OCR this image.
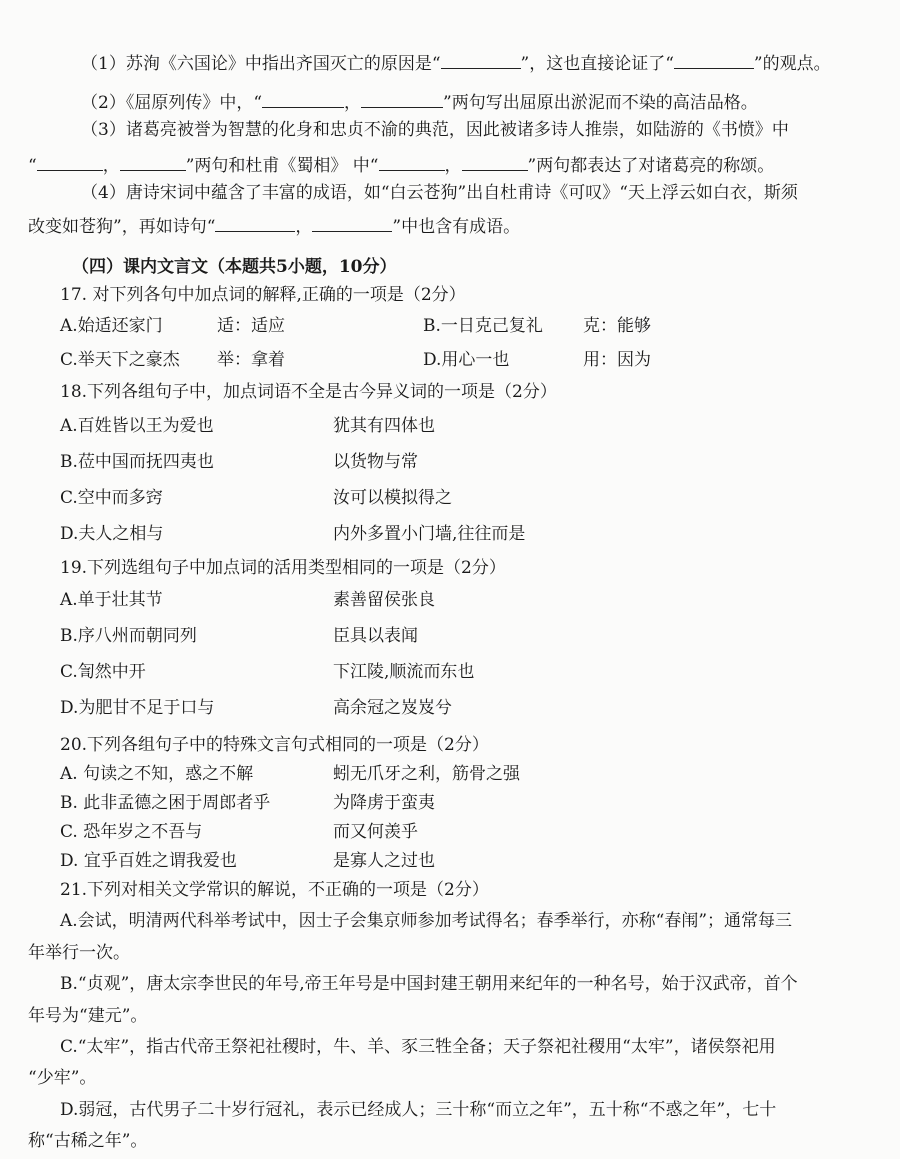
（1）苏洵《六国论》中指出齐国灭亡的原因是“	”，这也直接论证了“	”的观点。
（2）《屈原列传》中，“	，	”两句写出屈原出淤泥而不染的高洁品格。
（3）诸葛亮被誉为智慧的化身和忠贞不渝的典范，因此被诸多诗人推崇，如陆游的《书愤》中
“	，	”两句和杜甫《蜀相》 中“	，	”两句都表达了对诸葛亮的称颂。
（4）唐诗宋词中蕴含了丰富的成语，如“白云苍狗”出自杜甫诗《可叹》“天上浮云如白衣，斯须
改变如苍狗”，再如诗句“	，	”中也含有成语。
（四）课内文言文（本题共5小题，10分）
17. 对下列各句中加点词的解释,正确的一项是（2分）
A.始适还家门	适：适应	B.一日克己复礼 克：能够
C.举天下之豪杰 举：拿着	D.用心一也	用：因为
18.下列各组句子中，加点词语不全是古今异义词的一项是（2分）
A.百姓皆以王为爱也	犹其有四体也
B.莅中国而抚四夷也	以货物与常
C.空中而多窍	汝可以模拟得之
D.夫人之相与	内外多置小门墙,往往而是
19.下列选组句子中加点词的活用类型相同的一项是（2分）
A.单于壮其节	素善留侯张良
B.序八州而朝同列	臣具以表闻
C.訇然中开	下江陵,顺流而东也
D.为肥甘不足于口与	高余冠之岌岌兮
20.下列各组句子中的特殊文言句式相同的一项是（2分）
A. 句读之不知，惑之不解	蚓无爪牙之利，筋骨之强
B. 此非孟德之困于周郎者乎	为降虏于蛮夷
C. 恐年岁之不吾与	而又何羡乎
D. 宜乎百姓之谓我爱也	是寡人之过也
21.下列对相关文学常识的解说，不正确的一项是（2分）
A.会试，明清两代科举考试中，因士子会集京师参加考试得名；春季举行，亦称“春闱”；通常每三
年举行一次。
B.“贞观”，唐太宗李世民的年号,帝王年号是中国封建王朝用来纪年的一种名号，始于汉武帝，首个
年号为“建元”。
C.“太牢”，指古代帝王祭祀社稷时，牛、羊、豕三牲全备；天子祭祀社稷用“太牢”，诸侯祭祀用
“少牢”。
D.弱冠，古代男子二十岁行冠礼，表示已经成人；三十称“而立之年”，五十称“不惑之年”，七十
称“古稀之年”。
